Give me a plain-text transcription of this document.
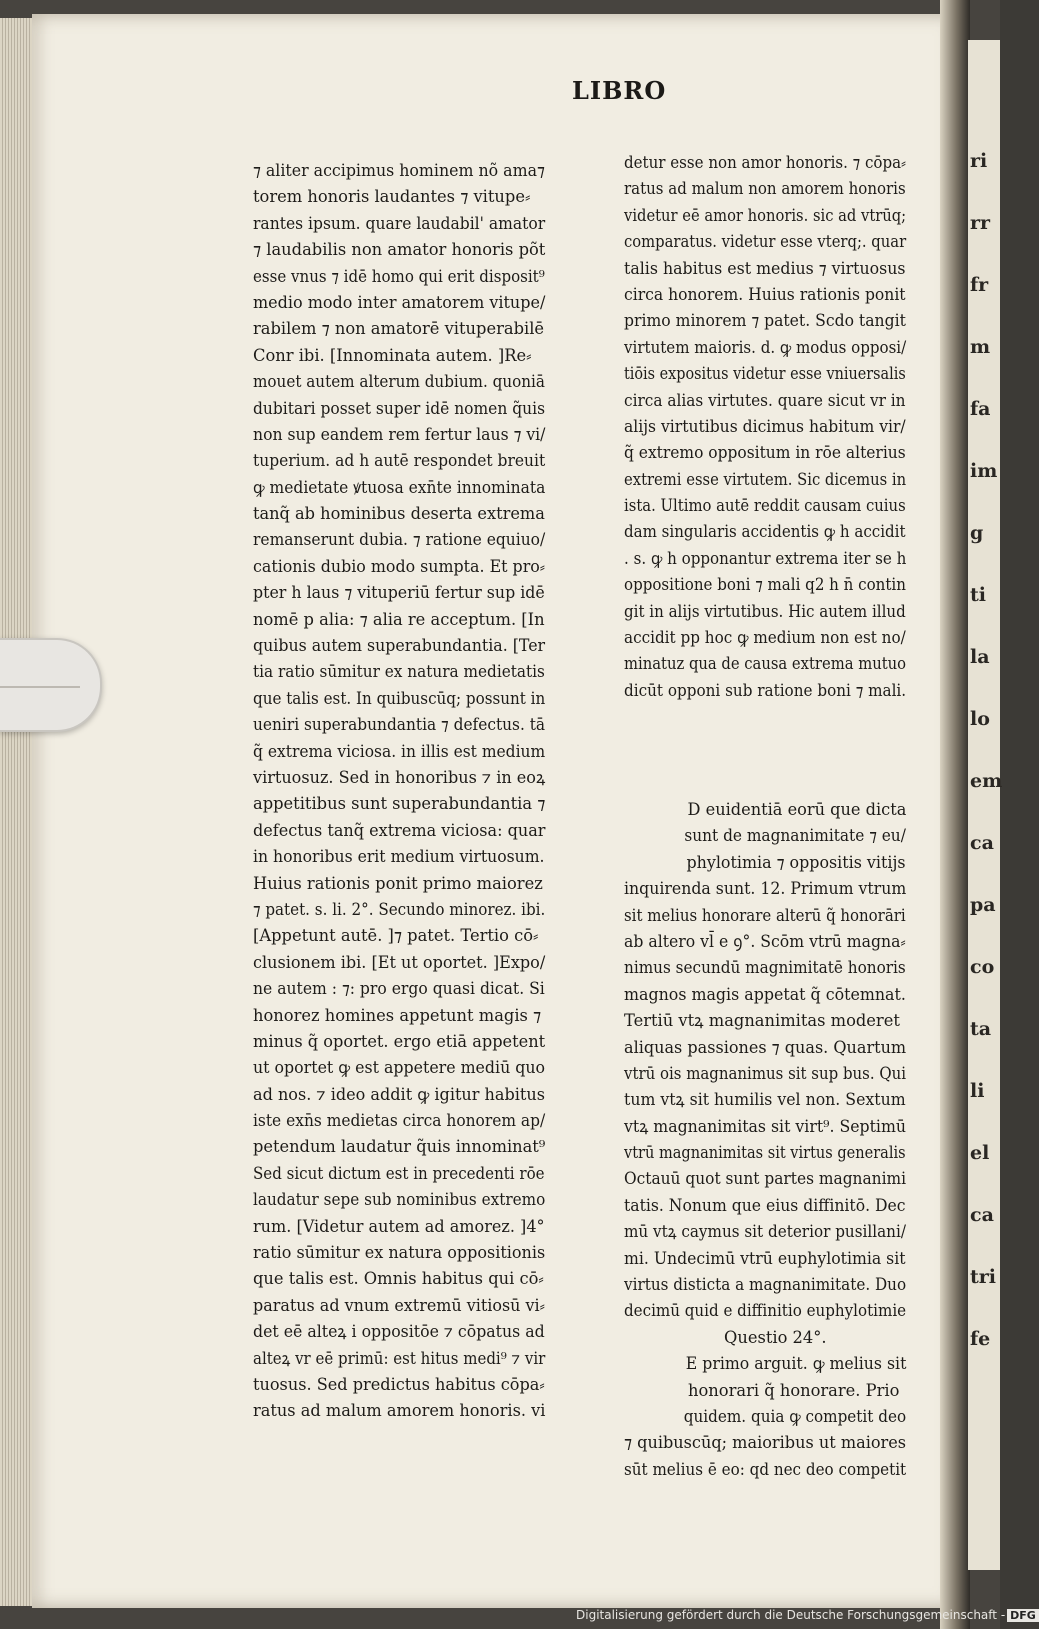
ri
rr
fr
m
fa
im
g
ti
la
lo
em
ca
pa
co
ta
li
el
ca
tri
fe
LIBRO
⁊ aliter accipimus hominem nõ ama⁊
torem honoris laudantes ⁊ vitupe⸗
rantes ipsum. quare laudabil' amator
⁊ laudabilis non amator honoris põt
esse vnus ⁊ idē homo qui erit disposit⁹
medio modo inter amatorem vitupe/
rabilem ⁊ non amatorē vituperabilē
Conr ibi. [Innominata autem. ]Re⸗
mouet autem alterum dubium. quoniā
dubitari posset super idē nomen q̃uis
non sup eandem rem fertur laus ⁊ vi/
tuperium. ad h autē respondet breuit
ꝙ medietate ꝟtuosa exn̄te innominata
tanq̃ ab hominibus deserta extrema
remanserunt dubia. ⁊ ratione equiuo/
cationis dubio modo sumpta. Et pro⸗
pter h laus ⁊ vituperiū fertur sup idē
nomē p alia: ⁊ alia re acceptum. [In
quibus autem superabundantia. [Ter
tia ratio sūmitur ex natura medietatis
que talis est. In quibuscūq; possunt in
ueniri superabundantia ⁊ defectus. tā
q̃ extrema viciosa. in illis est medium
virtuosuz. Sed in honoribus ⁊ in eoꝝ
appetitibus sunt superabundantia ⁊
defectus tanq̃ extrema viciosa: quar
in honoribus erit medium virtuosum.
Huius rationis ponit primo maiorez
⁊ patet. s. li. 2°. Secundo minorez. ibi.
[Appetunt autē. ]⁊ patet. Tertio cō⸗
clusionem ibi. [Et ut oportet. ]Expo/
ne autem : ⁊: pro ergo quasi dicat. Si
honorez homines appetunt magis ⁊
minus q̃ oportet. ergo etiā appetent
ut oportet ꝙ est appetere mediū quo
ad nos. ⁊ ideo addit ꝙ igitur habitus
iste exn̄s medietas circa honorem ap/
petendum laudatur q̃uis innominat⁹
Sed sicut dictum est in precedenti rōe
laudatur sepe sub nominibus extremo
rum. [Videtur autem ad amorez. ]4°
ratio sūmitur ex natura oppositionis
que talis est. Omnis habitus qui cō⸗
paratus ad vnum extremū vitiosū vi⸗
det eē alteꝝ i oppositōe ⁊ cōpatus ad
alteꝝ vr eē primū: est hitus medi⁹ ⁊ vir
tuosus. Sed predictus habitus cōpa⸗
ratus ad malum amorem honoris. vi
detur esse non amor honoris. ⁊ cōpa⸗
ratus ad malum non amorem honoris
videtur eē amor honoris. sic ad vtrūq;
comparatus. videtur esse vterq;. quar
talis habitus est medius ⁊ virtuosus
circa honorem. Huius rationis ponit
primo minorem ⁊ patet. Scdo tangit
virtutem maioris. d. ꝙ modus opposi/
tiōis expositus videtur esse vniuersalis
circa alias virtutes. quare sicut vr in
alijs virtutibus dicimus habitum vir/
q̃ extremo oppositum in rōe alterius
extremi esse virtutem. Sic dicemus in
ista. Ultimo autē reddit causam cuius
dam singularis accidentis ꝙ h accidit
. s. ꝙ h opponantur extrema iter se h
oppositione boni ⁊ mali q2 h n̄ contin
git in alijs virtutibus. Hic autem illud
accidit pp hoc ꝙ medium non est no/
minatuz qua de causa extrema mutuo
dicūt opponi sub ratione boni ⁊ mali.
D euidentiā eorū que dicta
sunt de magnanimitate ⁊ eu/
phylotimia ⁊ oppositis vitijs
inquirenda sunt. 12. Primum vtrum
sit melius honorare alterū q̃ honorāri
ab altero vl̄ e ꝯ°. Scōm vtrū magna⸗
nimus secundū magnimitatē honoris
magnos magis appetat q̃ cōtemnat.
Tertiū vtꝝ magnanimitas moderet
aliquas passiones ⁊ quas. Quartum
vtrū ois magnanimus sit sup bus. Qui
tum vtꝝ sit humilis vel non. Sextum
vtꝝ magnanimitas sit virt⁹. Septimū
vtrū magnanimitas sit virtus generalis
Octauū quot sunt partes magnanimi
tatis. Nonum que eius diffinitō. Dec
mū vtꝝ caymus sit deterior pusillani/
mi. Undecimū vtrū euphylotimia sit
virtus disticta a magnanimitate. Duo
decimū quid e diffinitio euphylotimie
Questio 24°.
E primo arguit. ꝙ melius sit
honorari q̃ honorare. Prio
quidem. quia ꝙ competit deo
⁊ quibuscūq; maioribus ut maiores
sūt melius ē eo: qd nec deo competit
Digitalisierung gefördert durch die Deutsche Forschungsgemeinschaft - DFG
